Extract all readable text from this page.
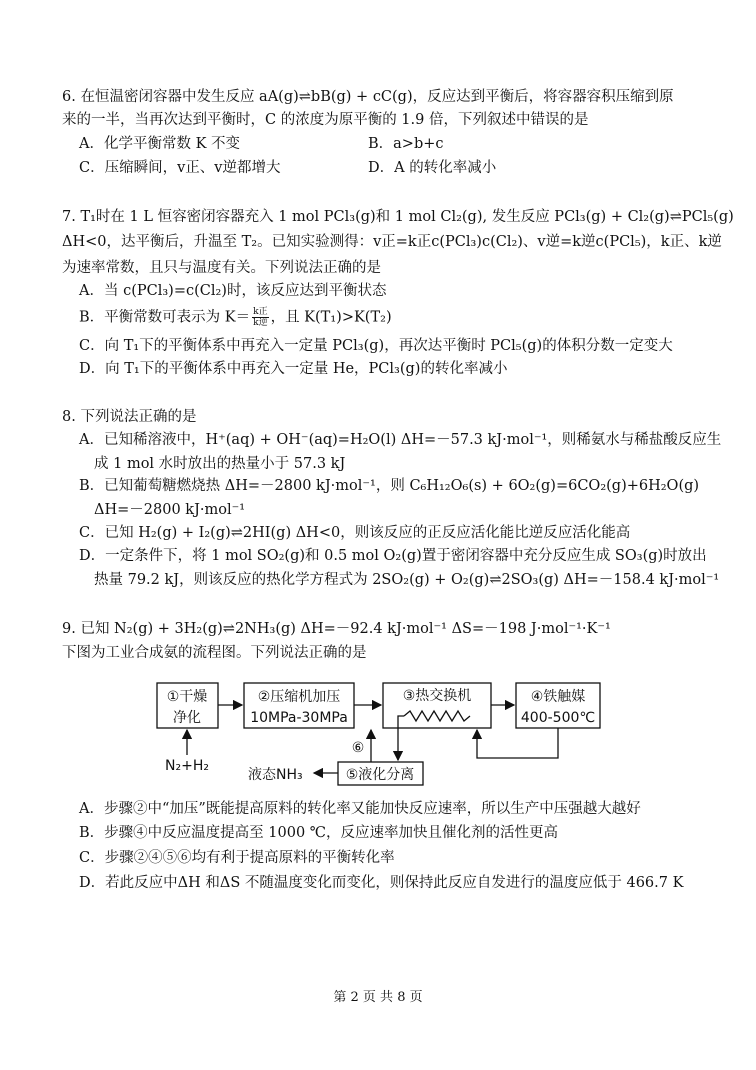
6. 在恒温密闭容器中发生反应 aA(g)⇌bB(g) + cC(g)，反应达到平衡后，将容器容积压缩到原
来的一半，当再次达到平衡时，C 的浓度为原平衡的 1.9 倍，下列叙述中错误的是
A．化学平衡常数 K 不变	B．a>b+c
C．压缩瞬间，v正、v逆都增大	D．A 的转化率减小
7. T₁时在 1 L 恒容密闭容器充入 1 mol PCl₃(g)和 1 mol Cl₂(g), 发生反应 PCl₃(g) + Cl₂(g)⇌PCl₅(g)
ΔH<0，达平衡后，升温至 T₂。已知实验测得：v正=k正c(PCl₃)c(Cl₂)、v逆=k逆c(PCl₅)，k正、k逆
为速率常数，且只与温度有关。下列说法正确的是
A．当 c(PCl₃)=c(Cl₂)时，该反应达到平衡状态
B．平衡常数可表示为 $K= \frac{\text{k正}}{\text{k逆}}$ ，且 K(T₁)>K(T₂)
C．向 T₁下的平衡体系中再充入一定量 PCl₃(g)，再次达平衡时 PCl₅(g)的体积分数一定变大
D．向 T₁下的平衡体系中再充入一定量 He，PCl₃(g)的转化率减小
8. 下列说法正确的是
A．已知稀溶液中，H⁺(aq) + OH⁻(aq)=H₂O(l) ΔH=－57.3 kJ·mol⁻¹，则稀氨水与稀盐酸反应生
成 1 mol 水时放出的热量小于 57.3 kJ
B．已知葡萄糖燃烧热 ΔH=－2800 kJ·mol⁻¹，则 C₆H₁₂O₆(s) + 6O₂(g)=6CO₂(g)+6H₂O(g)
ΔH=－2800 kJ·mol⁻¹
C．已知 H₂(g) + I₂(g)⇌2HI(g) ΔH<0，则该反应的正反应活化能比逆反应活化能高
D．一定条件下，将 1 mol SO₂(g)和 0.5 mol O₂(g)置于密闭容器中充分反应生成 SO₃(g)时放出
热量 79.2 kJ，则该反应的热化学方程式为 2SO₂(g) + O₂(g)⇌2SO₃(g) ΔH=－158.4 kJ·mol⁻¹
9. 已知 N₂(g) + 3H₂(g)⇌2NH₃(g) ΔH=－92.4 kJ·mol⁻¹ ΔS=－198 J·mol⁻¹·K⁻¹
下图为工业合成氨的流程图。下列说法正确的是
①干燥
净化
②压缩机加压
10MPa-30MPa
③热交换机	④铁触媒
400-500℃
⑤液化分离
⑥
N₂+H₂
液态NH₃
A．步骤②中“加压”既能提高原料的转化率又能加快反应速率，所以生产中压强越大越好
B．步骤④中反应温度提高至 1000 ℃，反应速率加快且催化剂的活性更高
C．步骤②④⑤⑥均有利于提高原料的平衡转化率
D．若此反应中ΔH 和ΔS 不随温度变化而变化，则保持此反应自发进行的温度应低于 466.7 K
第 2 页 共 8 页
